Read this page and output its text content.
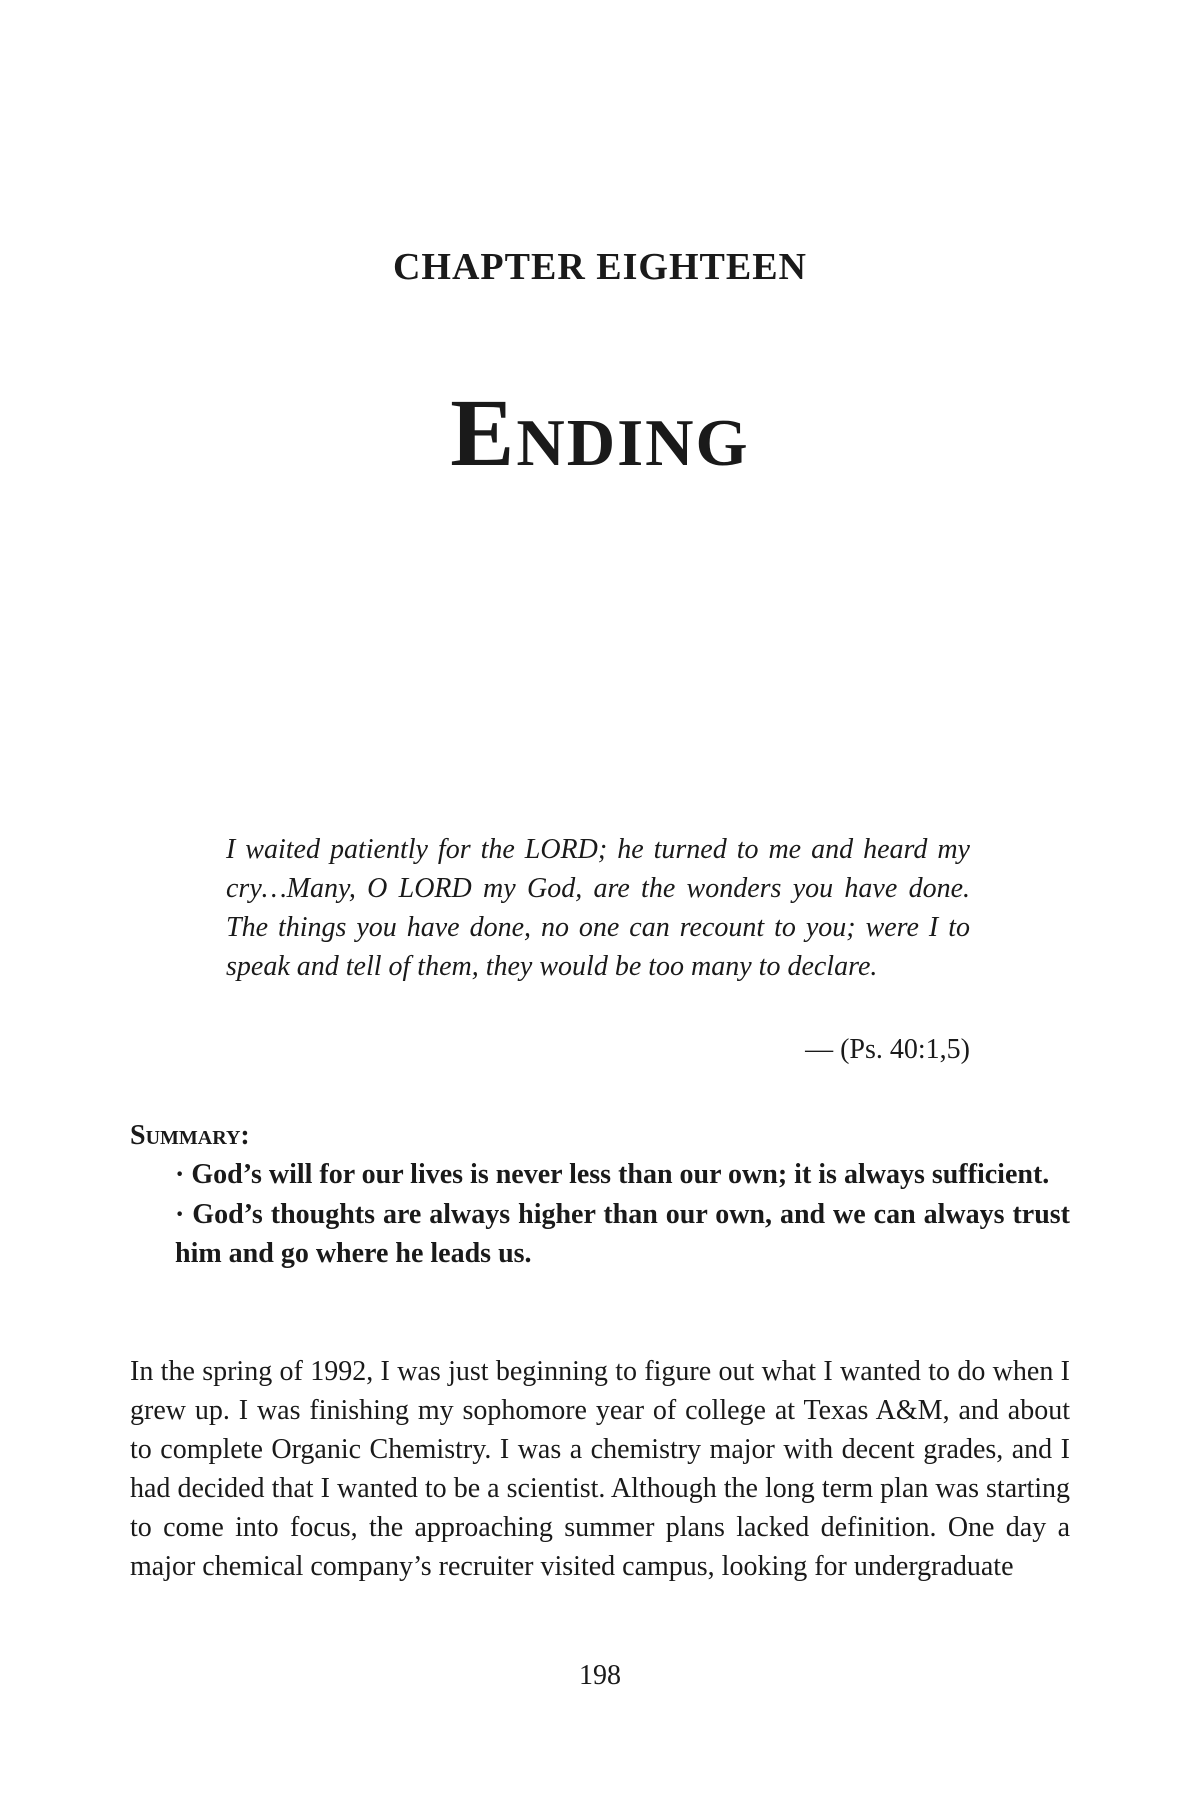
CHAPTER EIGHTEEN
Ending
I waited patiently for the LORD; he turned to me and heard my cry…Many, O LORD my God, are the wonders you have done. The things you have done, no one can recount to you; were I to speak and tell of them, they would be too many to declare.
— (Ps. 40:1,5)
Summary:
· God’s will for our lives is never less than our own; it is always sufficient.
· God’s thoughts are always higher than our own, and we can always trust him and go where he leads us.

In the spring of 1992, I was just beginning to figure out what I wanted to do when I grew up. I was finishing my sophomore year of college at Texas A&M, and about to complete Organic Chemistry. I was a chemistry major with decent grades, and I had decided that I wanted to be a scientist. Although the long term plan was starting to come into focus, the approaching summer plans lacked definition. One day a major chemical company’s recruiter visited campus, looking for undergraduate

198
